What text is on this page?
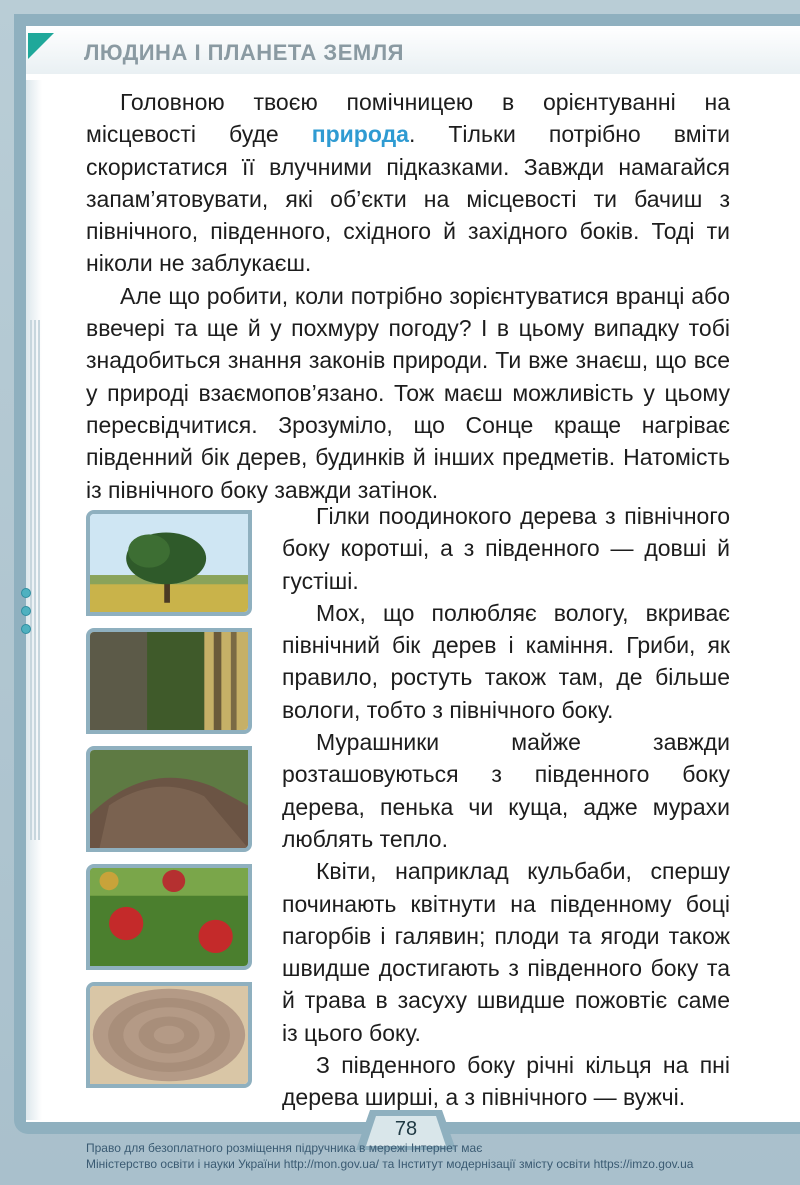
ЛЮДИНА І ПЛАНЕТА ЗЕМЛЯ

Головною твоєю помічницею в орієнтуванні на місцевості буде природа. Тільки потрібно вміти скористатися її влучними підказками. Завжди намагайся запам’ятовувати, які об’єкти на місцевості ти бачиш з північного, південного, східного й західного боків. Тоді ти ніколи не заблукаєш.

Але що робити, коли потрібно зорієнтуватися вранці або ввечері та ще й у похмуру погоду? І в цьому випадку тобі знадобиться знання законів природи. Ти вже знаєш, що все у природі взаємопов’язано. Тож маєш можливість у цьому пересвідчитися. Зрозуміло, що Сонце краще нагріває південний бік дерев, будинків й інших предметів. Натомість із північного боку завжди затінок.

Гілки поодинокого дерева з північного боку коротші, а з південного — довші й густіші.

Мох, що полюбляє вологу, вкриває північний бік дерев і каміння. Гриби, як правило, ростуть також там, де більше вологи, тобто з північного боку.

Мурашники майже завжди розташовуються з південного боку дерева, пенька чи куща, адже мурахи люблять тепло.

Квіти, наприклад кульбаби, спершу починають квітнути на південному боці пагорбів і галявин; плоди та ягоди також швидше достигають з південного боку та й трава в засуху швидше пожовтіє саме із цього боку.

З південного боку річні кільця на пні дерева ширші, а з північного — вужчі.

78
Право для безоплатного розміщення підручника в мережі Інтернет має
Міністерство освіти і науки України http://mon.gov.ua/ та Інститут модернізації змісту освіти https://imzo.gov.ua
